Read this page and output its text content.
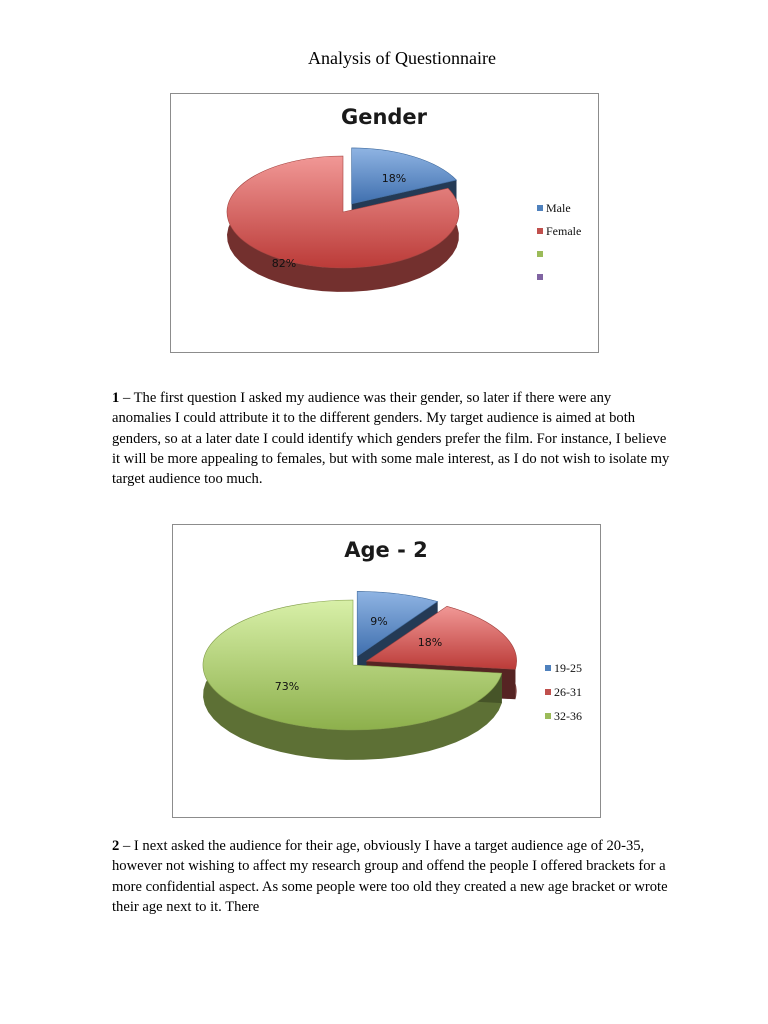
Analysis of Questionnaire
Gender
18%
82%
Male
Female

1 – The first question I asked my audience was their gender, so later if there were any anomalies I could attribute it to the different genders. My target audience is aimed at both genders, so at a later date I could identify which genders prefer the film. For instance, I believe it will be more appealing to females, but with some male interest, as I do not wish to isolate my target audience too much.

Age - 2
9%
18%
73%
19-25
26-31
32-36

2 – I next asked the audience for their age, obviously I have a target audience age of 20-35, however not wishing to affect my research group and offend the people I offered brackets for a more confidential aspect. As some people were too old they created a new age bracket or wrote their age next to it. There
